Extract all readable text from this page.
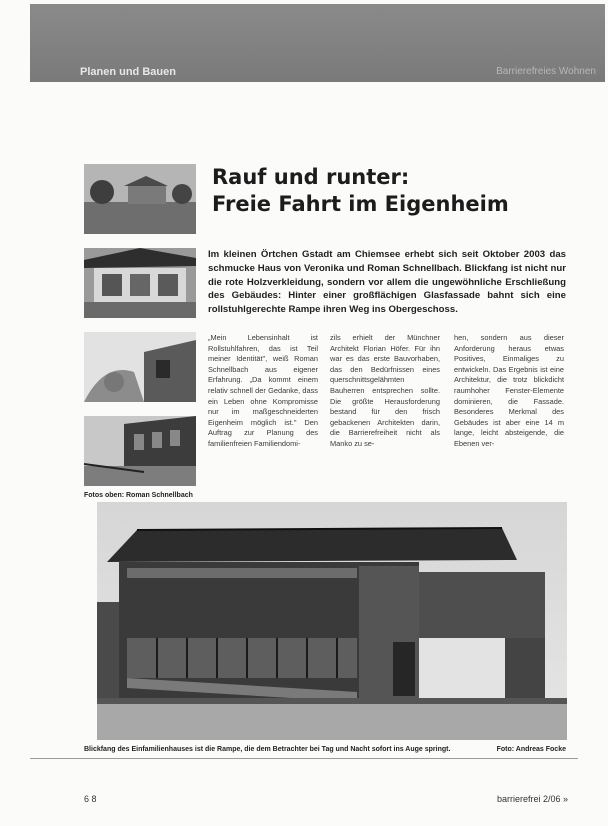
Planen und Bauen	Barrierefreies Wohnen
Fotos oben: Roman Schnellbach
Rauf und runter:
Freie Fahrt im Eigenheim

Im kleinen Örtchen Gstadt am Chiemsee erhebt sich seit Oktober 2003 das schmucke Haus von Veronika und Roman Schnellbach. Blickfang ist nicht nur die rote Holzverkleidung, sondern vor allem die ungewöhnliche Erschließung des Gebäudes: Hinter einer großflächigen Glasfassade bahnt sich eine rollstuhlgerechte Rampe ihren Weg ins Obergeschoss.

„Mein Lebensinhalt ist Rollstuhlfahren, das ist Teil meiner Identität", weiß Roman Schnellbach aus eigener Erfahrung. „Da kommt einem relativ schnell der Gedanke, dass ein Leben ohne Kompromisse nur im maßgeschneiderten Eigenheim möglich ist." Den Auftrag zur Planung des familienfreien Familiendomi-

zils erhielt der Münchner Architekt Florian Höfer. Für ihn war es das erste Bauvorhaben, das den Bedürfnissen eines querschnittsgelähmten Bauherren entsprechen sollte. Die größte Herausforderung bestand für den frisch gebackenen Architekten darin, die Barrierefreiheit nicht als Manko zu se-

hen, sondern aus dieser Anforderung heraus etwas Positives, Einmaliges zu entwickeln. Das Ergebnis ist eine Architektur, die trotz blickdicht raumhoher Fenster-Elemente dominieren, die Fassade. Besonderes Merkmal des Gebäudes ist aber eine 14 m lange, leicht absteigende, die Ebenen ver-

Blickfang des Einfamilienhauses ist die Rampe, die dem Betrachter bei Tag und Nacht sofort ins Auge springt.	Foto: Andreas Focke
6 8	barrierefrei 2/06 »
